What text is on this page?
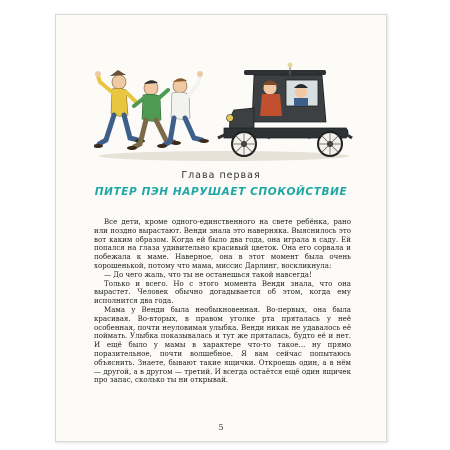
Глава первая
ПИТЕР ПЭН НАРУШАЕТ СПОКОЙСТВИЕ

Все дети, кроме одного-единственного на свете ребёнка, рано или поздно вырастают. Венди знала это наверняка. Выяснилось это вот каким образом. Когда ей было два года, она играла в саду. Ей попался на глаза удивительно красивый цветок. Она его сорвала и побежала к маме. Наверное, она в этот момент была очень хорошенькой, потому что мама, миссис Дарлинг, воскликнула:

— До чего жаль, что ты не останешься такой навсегда!

Только и всего. Но с этого момента Венди знала, что она вырастет. Человек обычно догадывается об этом, когда ему исполнится два года.

Мама у Венди была необыкновенная. Во-первых, она была красивая. Во-вторых, в правом уголке рта пряталась у неё особенная, почти неуловимая улыбка. Венди никак не удавалось её поймать. Улыбка показывалась и тут же пряталась, будто её и нет. И ещё было у мамы в характере что-то такое... ну прямо поразительное, почти волшебное. Я вам сейчас попытаюсь объяснить. Знаете, бывают такие ящички. Откроешь один, а в нём — другой, а в другом — третий. И всегда остаётся ещё один ящичек про запас, сколько ты ни открывай.

5
